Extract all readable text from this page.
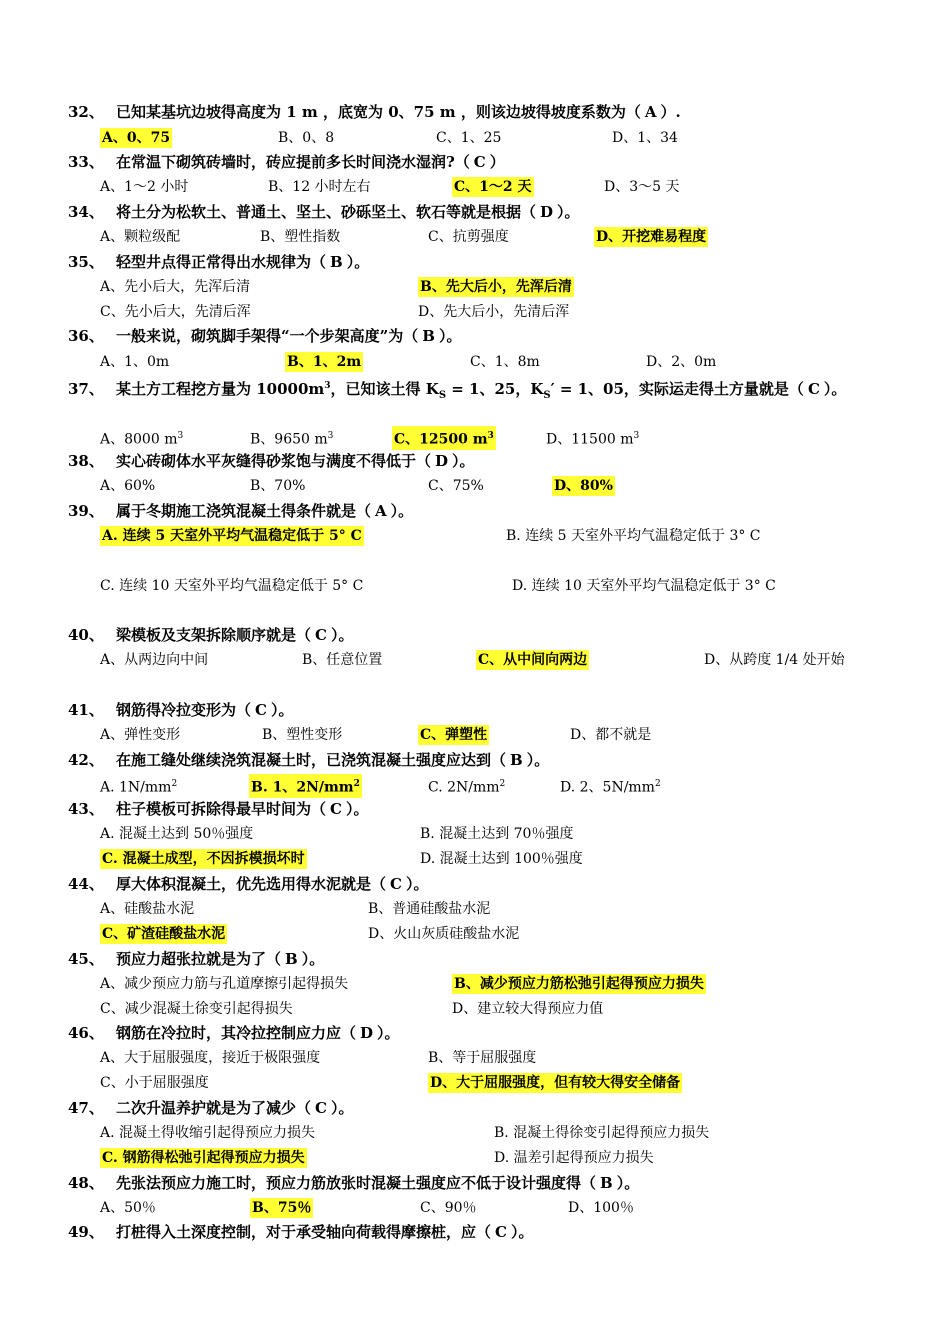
32、 已知某基坑边坡得高度为 1 m ，底宽为 0、75 m ，则该边坡得坡度系数为（ A ）.
A、0、75	B、0、8	C、1、25	D、1、34
33、 在常温下砌筑砖墙时，砖应提前多长时间浇水湿润?（ C ）
A、1～2 小时	B、12 小时左右	C、1～2 天	D、3～5 天
34、 将土分为松软土、普通土、坚土、砂砾坚土、软石等就是根据（ D ）。
A、颗粒级配	B、塑性指数	C、抗剪强度	D、开挖难易程度
35、 轻型井点得正常得出水规律为（ B ）。
A、先小后大，先浑后清	B、先大后小，先浑后清
C、先小后大，先清后浑	D、先大后小，先清后浑
36、 一般来说，砌筑脚手架得“一个步架高度”为（ B ）。
A、1、0m	B、1、2m	C、1、8m	D、2、0m
37、 某土方工程挖方量为 $10000m^3$，已知该土得 $K_S = 1$、25，$K_S' = 1$、05，实际运走得土方量就是（ C ）。
A、8000 $m^3$	B、9650 $m^3$	C、12500 $m^3$	D、11500 $m^3$
38、 实心砖砌体水平灰缝得砂浆饱与满度不得低于（ D ）。
A、60%	B、70%	C、75%	D、80%
39、 属于冬期施工浇筑混凝土得条件就是（ A ）。
A. 连续 5 天室外平均气温稳定低于 5° C	B. 连续 5 天室外平均气温稳定低于 3° C
C. 连续 10 天室外平均气温稳定低于 5° C	D. 连续 10 天室外平均气温稳定低于 3° C
40、 梁模板及支架拆除顺序就是（ C ）。
A、从两边向中间	B、任意位置	C、从中间向两边	D、从跨度 1/4 处开始
41、 钢筋得冷拉变形为（ C ）。
A、弹性变形	B、塑性变形	C、弹塑性	D、都不就是
42、 在施工缝处继续浇筑混凝土时，已浇筑混凝土强度应达到（ B ）。
A. $1N/mm^2$	B. 1、$2N/mm^2$	C. $2N/mm^2$	D. 2、$5N/mm^2$
43、 柱子模板可拆除得最早时间为（ C ）。
A. 混凝土达到 50％强度	B. 混凝土达到 70％强度
C. 混凝土成型，不因拆模损坏时	D. 混凝土达到 100％强度
44、 厚大体积混凝土，优先选用得水泥就是（ C ）。
A、硅酸盐水泥	B、普通硅酸盐水泥
C、矿渣硅酸盐水泥	D、火山灰质硅酸盐水泥
45、 预应力超张拉就是为了（ B ）。
A、减少预应力筋与孔道摩擦引起得损失	B、减少预应力筋松弛引起得预应力损失
C、减少混凝土徐变引起得损失	D、建立较大得预应力值
46、 钢筋在冷拉时，其冷拉控制应力应（ D ）。
A、大于屈服强度，接近于极限强度	B、等于屈服强度
C、小于屈服强度	D、大于屈服强度，但有较大得安全储备
47、 二次升温养护就是为了减少（ C ）。
A. 混凝土得收缩引起得预应力损失	B. 混凝土得徐变引起得预应力损失
C. 钢筋得松弛引起得预应力损失	D. 温差引起得预应力损失
48、 先张法预应力施工时，预应力筋放张时混凝土强度应不低于设计强度得（ B ）。
A、50％	B、75％	C、90％	D、100％
49、 打桩得入土深度控制，对于承受轴向荷载得摩擦桩，应（ C ）。
